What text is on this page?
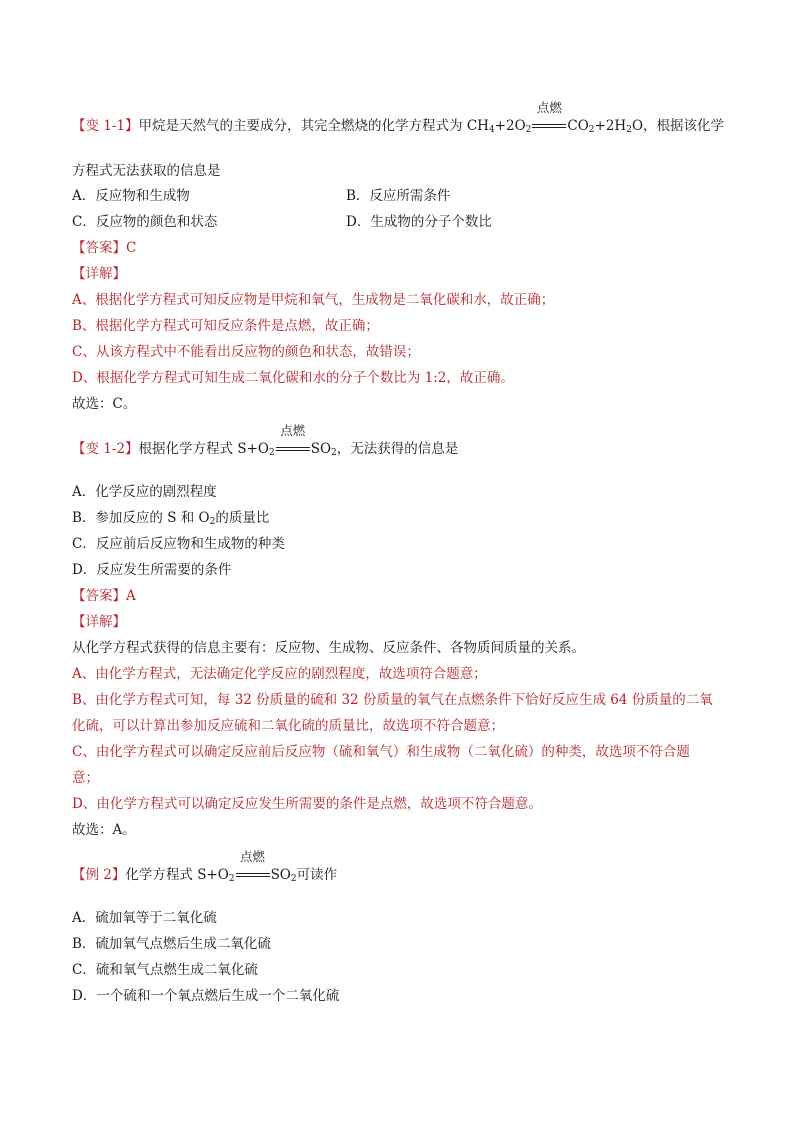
【变 1-1】甲烷是天然气的主要成分，其完全燃烧的化学方程式为 $CH_4+2O_2$
点燃
$CO_2+2H_2O$，根据该化学
方程式无法获取的信息是
A．反应物和生成物	B．反应所需条件
C．反应物的颜色和状态	D．生成物的分子个数比
【答案】C
【详解】
A、根据化学方程式可知反应物是甲烷和氧气，生成物是二氧化碳和水，故正确；
B、根据化学方程式可知反应条件是点燃，故正确；
C、从该方程式中不能看出反应物的颜色和状态，故错误；
D、根据化学方程式可知生成二氧化碳和水的分子个数比为 1:2，故正确。
故选：C。
【变 1-2】根据化学方程式 $S+O_2$
点燃
$SO_2$，无法获得的信息是
A．化学反应的剧烈程度
B．参加反应的 S 和 $O_2$的质量比
C．反应前后反应物和生成物的种类
D．反应发生所需要的条件
【答案】A
【详解】
从化学方程式获得的信息主要有：反应物、生成物、反应条件、各物质间质量的关系。
A、由化学方程式，无法确定化学反应的剧烈程度，故选项符合题意；
B、由化学方程式可知，每 32 份质量的硫和 32 份质量的氧气在点燃条件下恰好反应生成 64 份质量的二氧
化硫，可以计算出参加反应硫和二氧化硫的质量比，故选项不符合题意；
C、由化学方程式可以确定反应前后反应物（硫和氧气）和生成物（二氧化硫）的种类，故选项不符合题
意；
D、由化学方程式可以确定反应发生所需要的条件是点燃，故选项不符合题意。
故选：A。
【例 2】化学方程式 $S+O_2$
点燃
$SO_2$可读作
A．硫加氧等于二氧化硫
B．硫加氧气点燃后生成二氧化硫
C．硫和氧气点燃生成二氧化硫
D．一个硫和一个氧点燃后生成一个二氧化硫
